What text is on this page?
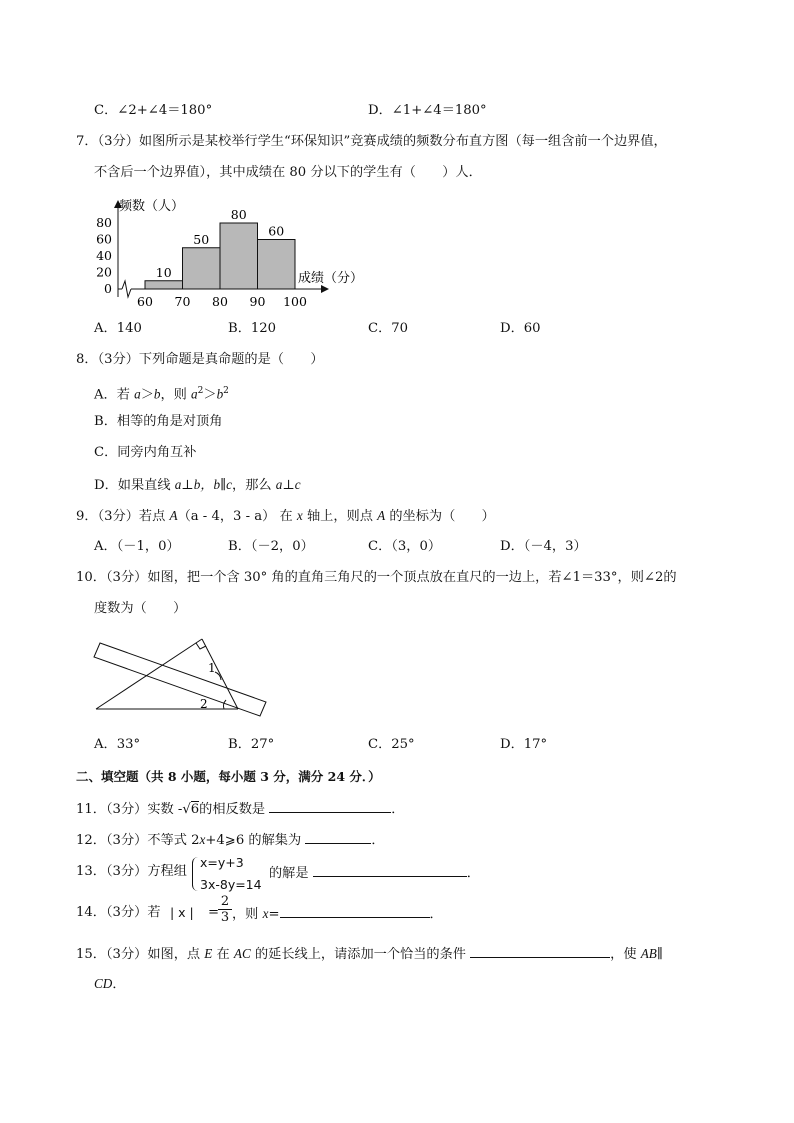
C．∠2+∠4＝180°	D．∠1+∠4＝180°
7．（3分）如图所示是某校举行学生“环保知识”竞赛成绩的频数分布直方图（每一组含前一个边界值，
不含后一个边界值），其中成绩在 80 分以下的学生有（　　）人．
频数（人）
成绩（分）
0
20
40
60
80
10
50
80
60
60 70 80 90 100
A．140	B．120	C．70	D．60
8．（3分）下列命题是真命题的是（　　）
A．若 a＞b，则 $a^2>b^2$
B．相等的角是对顶角
C．同旁内角互补
D．如果直线 a⊥b，b∥c，那么 a⊥c
9．（3分）若点 A（a - 4，3 - a） 在 x 轴上，则点 A 的坐标为（　　）
A．（－1，0）	B．（－2，0）	C．（3，0）	D．（－4，3）
10．（3分）如图，把一个含 30° 角的直角三角尺的一个顶点放在直尺的一边上，若∠1＝33°，则∠2的
度数为（　　）
1
2
A．33°	B．27°	C．25°	D．17°
二、填空题（共 8 小题，每小题 3 分，满分 24 分．）
11．（3分）实数 -√6的相反数是	．
12．（3分）不等式 2x+4⩾6 的解集为	．
13．（3分）方程组
x=y+3
3x-8y=14
的解是	．
14．（3分）若 | x | =
$\frac{2}{3}$ ，则 x=	．
15．（3分）如图，点 E 在 AC 的延长线上，请添加一个恰当的条件	，使 AB∥
CD．
